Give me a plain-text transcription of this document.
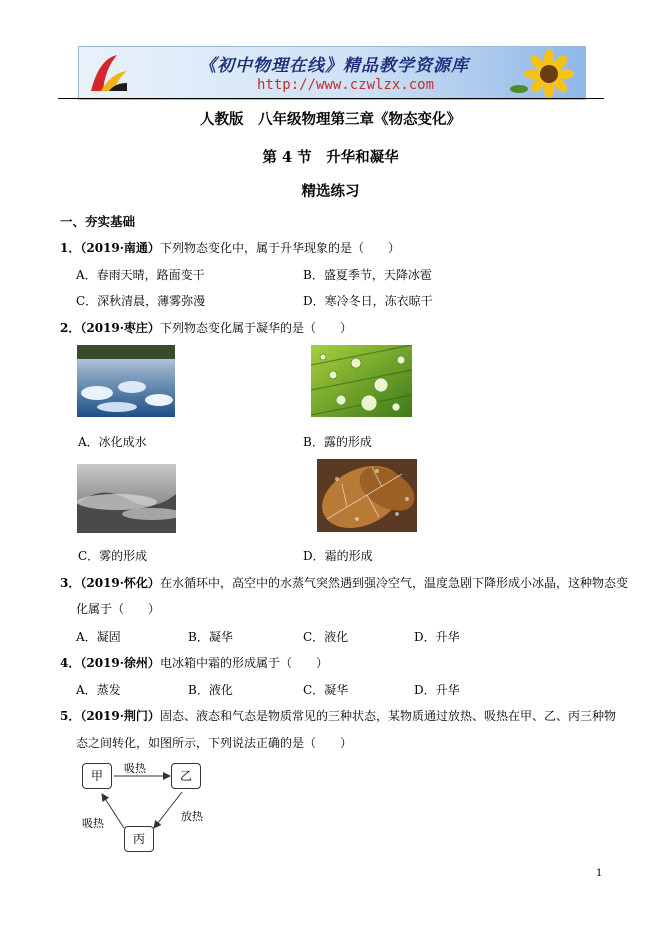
《初中物理在线》精品教学资源库
http://www.czwlzx.com
人教版　八年级物理第三章《物态变化》
第 4 节　升华和凝华
精选练习
一、夯实基础
1．（2019·南通）下列物态变化中，属于升华现象的是（　　）
A．春雨天晴，路面变干	B．盛夏季节，天降冰雹
C．深秋清晨，薄雾弥漫	D．寒冷冬日，冻衣晾干
2．（2019·枣庄）下列物态变化属于凝华的是（　　）
A．冰化成水	B．露的形成
C．雾的形成	D．霜的形成
3．（2019·怀化）在水循环中，高空中的水蒸气突然遇到强冷空气，温度急剧下降形成小冰晶，这种物态变
化属于（　　）
A．凝固	B．凝华	C．液化	D．升华
4．（2019·徐州）电冰箱中霜的形成属于（　　）
A．蒸发	B．液化	C．凝华	D．升华
5．（2019·荆门）固态、液态和气态是物质常见的三种状态，某物质通过放热、吸热在甲、乙、丙三种物
态之间转化，如图所示，下列说法正确的是（　　）
甲	乙
丙
吸热
放热
吸热
1
